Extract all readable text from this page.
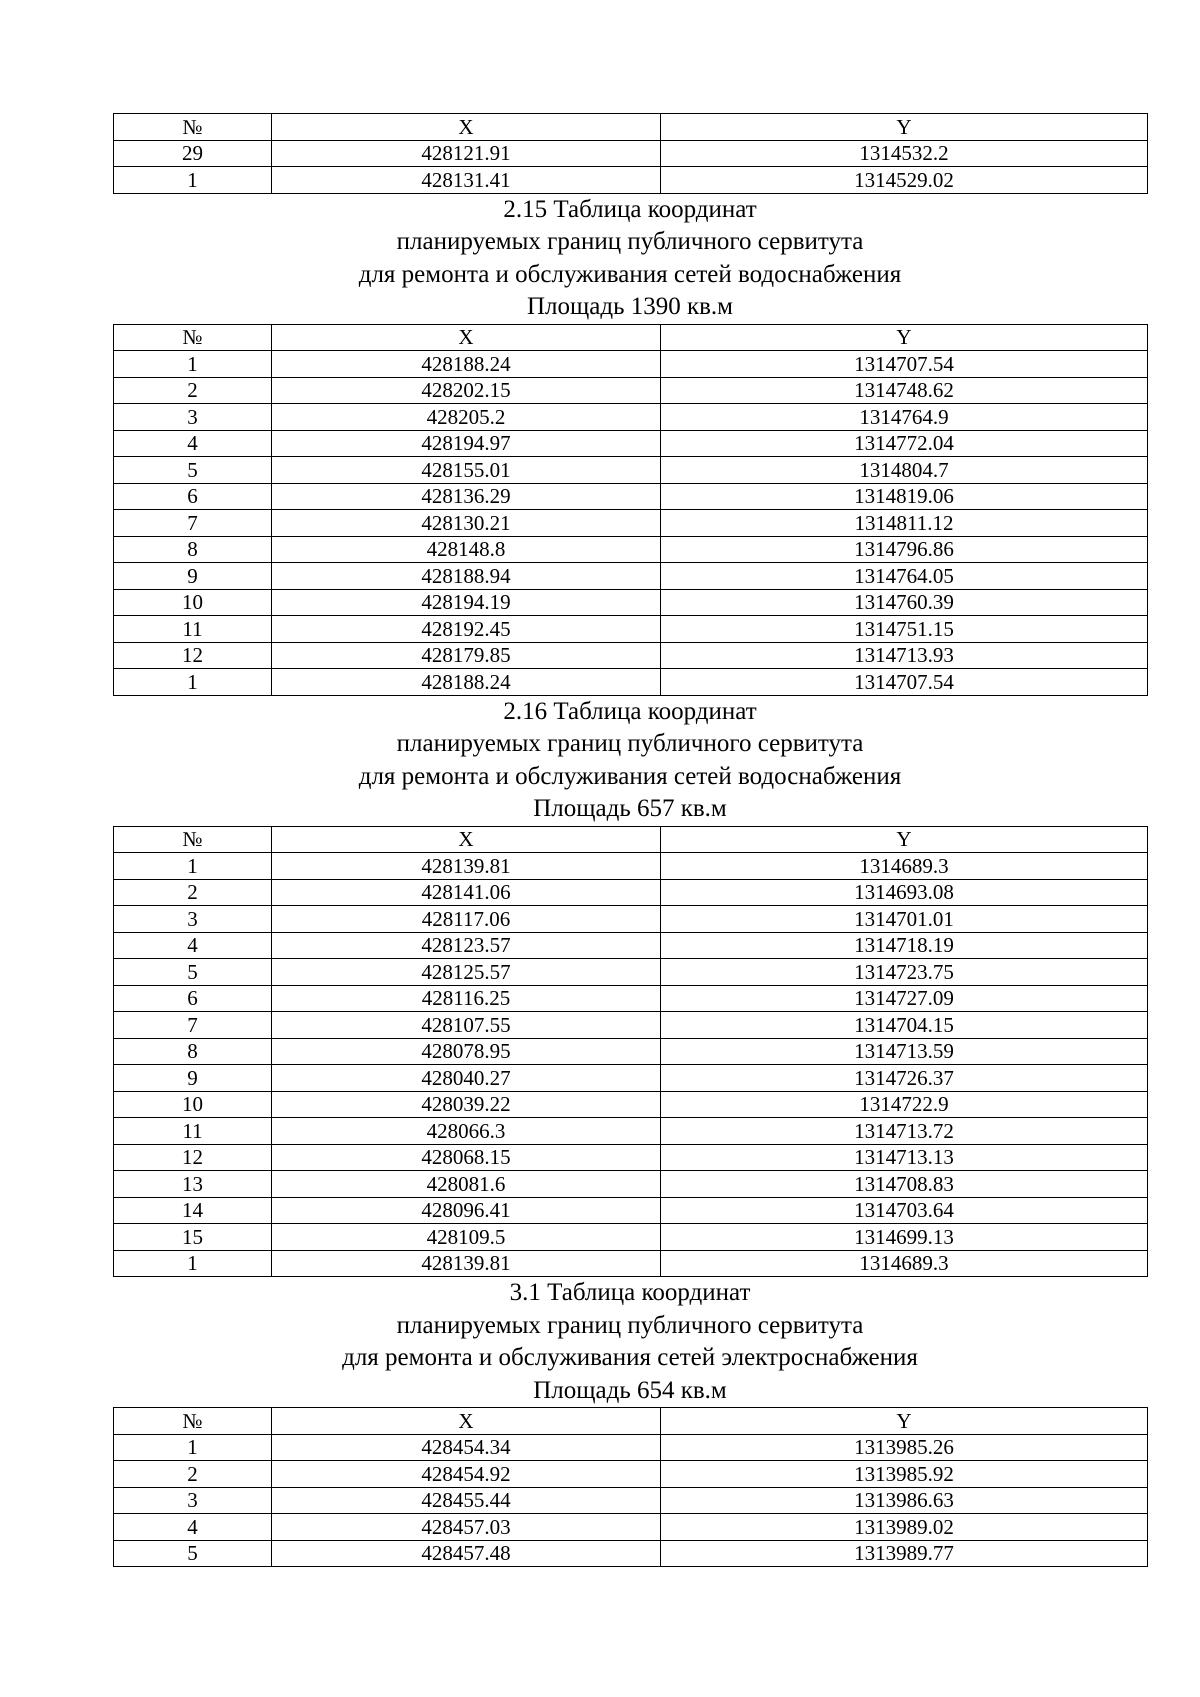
№	X	Y
29	428121.91	1314532.2
1	428131.41	1314529.02
2.15 Таблица координат
планируемых границ публичного сервитута
для ремонта и обслуживания сетей водоснабжения
Площадь 1390 кв.м
№	X	Y
1	428188.24	1314707.54
2	428202.15	1314748.62
3	428205.2	1314764.9
4	428194.97	1314772.04
5	428155.01	1314804.7
6	428136.29	1314819.06
7	428130.21	1314811.12
8	428148.8	1314796.86
9	428188.94	1314764.05
10	428194.19	1314760.39
11	428192.45	1314751.15
12	428179.85	1314713.93
1	428188.24	1314707.54
2.16 Таблица координат
планируемых границ публичного сервитута
для ремонта и обслуживания сетей водоснабжения
Площадь 657 кв.м
№	X	Y
1	428139.81	1314689.3
2	428141.06	1314693.08
3	428117.06	1314701.01
4	428123.57	1314718.19
5	428125.57	1314723.75
6	428116.25	1314727.09
7	428107.55	1314704.15
8	428078.95	1314713.59
9	428040.27	1314726.37
10	428039.22	1314722.9
11	428066.3	1314713.72
12	428068.15	1314713.13
13	428081.6	1314708.83
14	428096.41	1314703.64
15	428109.5	1314699.13
1	428139.81	1314689.3
3.1 Таблица координат
планируемых границ публичного сервитута
для ремонта и обслуживания сетей электроснабжения
Площадь 654 кв.м
№	X	Y
1	428454.34	1313985.26
2	428454.92	1313985.92
3	428455.44	1313986.63
4	428457.03	1313989.02
5	428457.48	1313989.77
